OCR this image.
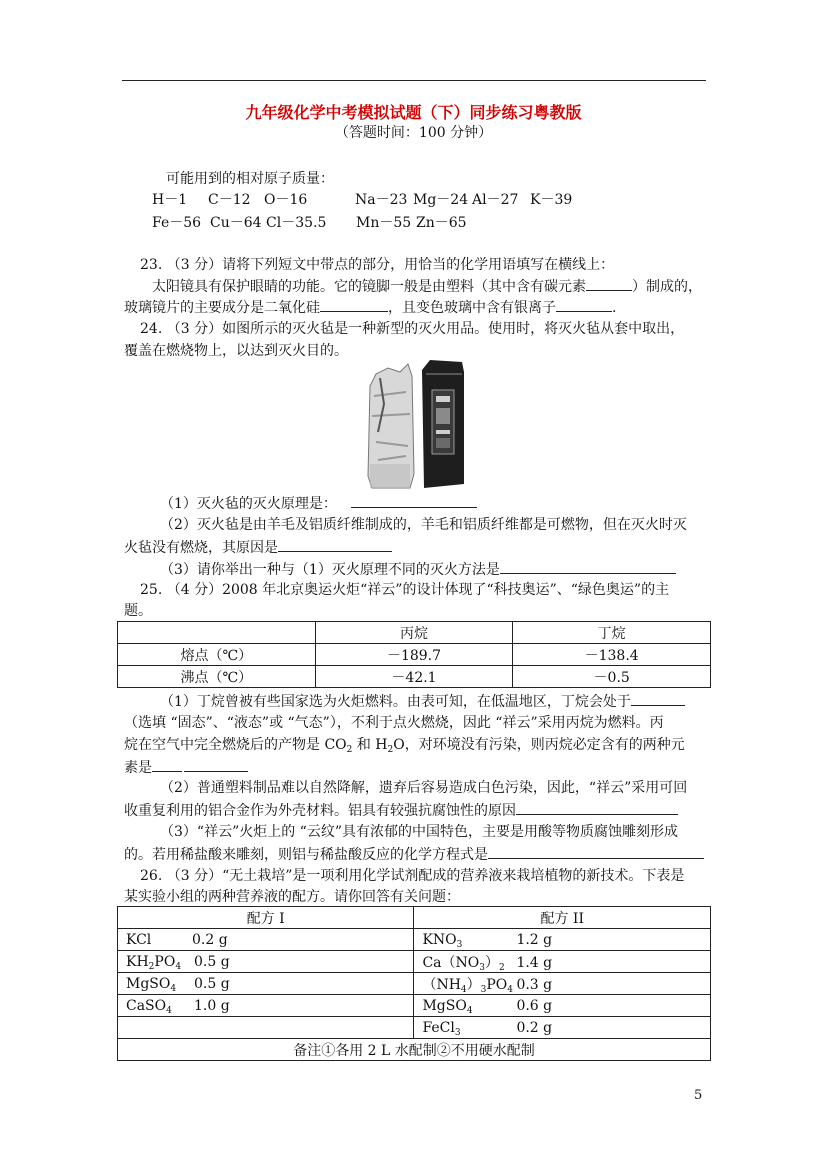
九年级化学中考模拟试题（下）同步练习粤教版
（答题时间：100 分钟）
可能用到的相对原子质量：
H－1 C－12 O－16	Na－23 Mg－24 Al－27 K－39
Fe－56 Cu－64 Cl－35.5 Mn－55 Zn－65
23. （3 分）请将下列短文中带点的部分，用恰当的化学用语填写在横线上：
太阳镜具有保护眼睛的功能。它的镜脚一般是由塑料（其中含有碳元素	）制成的，
玻璃镜片的主要成分是二氧化硅	，且变色玻璃中含有银离子	.
24. （3 分）如图所示的灭火毡是一种新型的灭火用品。使用时，将灭火毡从套中取出，
覆盖在燃烧物上，以达到灭火目的。
（1）灭火毡的灭火原理是：
（2）灭火毡是由羊毛及铝质纤维制成的，羊毛和铝质纤维都是可燃物，但在灭火时灭
火毡没有燃烧，其原因是
（3）请你举出一种与（1）灭火原理不同的灭火方法是
25. （4 分）2008 年北京奥运火炬“祥云”的设计体现了“科技奥运”、“绿色奥运”的主
题。
	丙烷	丁烷
熔点（℃）	－189.7	－138.4
沸点（℃）	－42.1	－0.5
（1）丁烷曾被有些国家选为火炬燃料。由表可知，在低温地区，丁烷会处于
（选填 “固态”、“液态”或 “气态”），不利于点火燃烧，因此 “祥云”采用丙烷为燃料。丙
烷在空气中完全燃烧后的产物是 $CO_2$ 和 $H_2O$，对环境没有污染，则丙烷必定含有的两种元
素是
（2）普通塑料制品难以自然降解，遗弃后容易造成白色污染，因此，“祥云”采用可回
收重复利用的铝合金作为外壳材料。铝具有较强抗腐蚀性的原因
（3）“祥云”火炬上的 “云纹”具有浓郁的中国特色，主要是用酸等物质腐蚀雕刻形成
的。若用稀盐酸来雕刻，则铝与稀盐酸反应的化学方程式是
26. （3 分）“无土栽培”是一项利用化学试剂配成的营养液来栽培植物的新技术。下表是
某实验小组的两种营养液的配方。请你回答有关问题：
配方 I	配方 II
KCl 0.2 g	$KNO_3$ 1.2 g
$KH_2PO_4$ 0.5 g	$Ca(NO_3)_2$ 1.4 g
MgSO$_4$ 0.5 g	$(NH_4)_3PO_4$ 0.3 g
CaSO$_4$ 1.0 g	MgSO$_4$ 0.6 g
	FeCl$_3$ 0.2 g
备注①各用 2 L 水配制②不用硬水配制	
5
